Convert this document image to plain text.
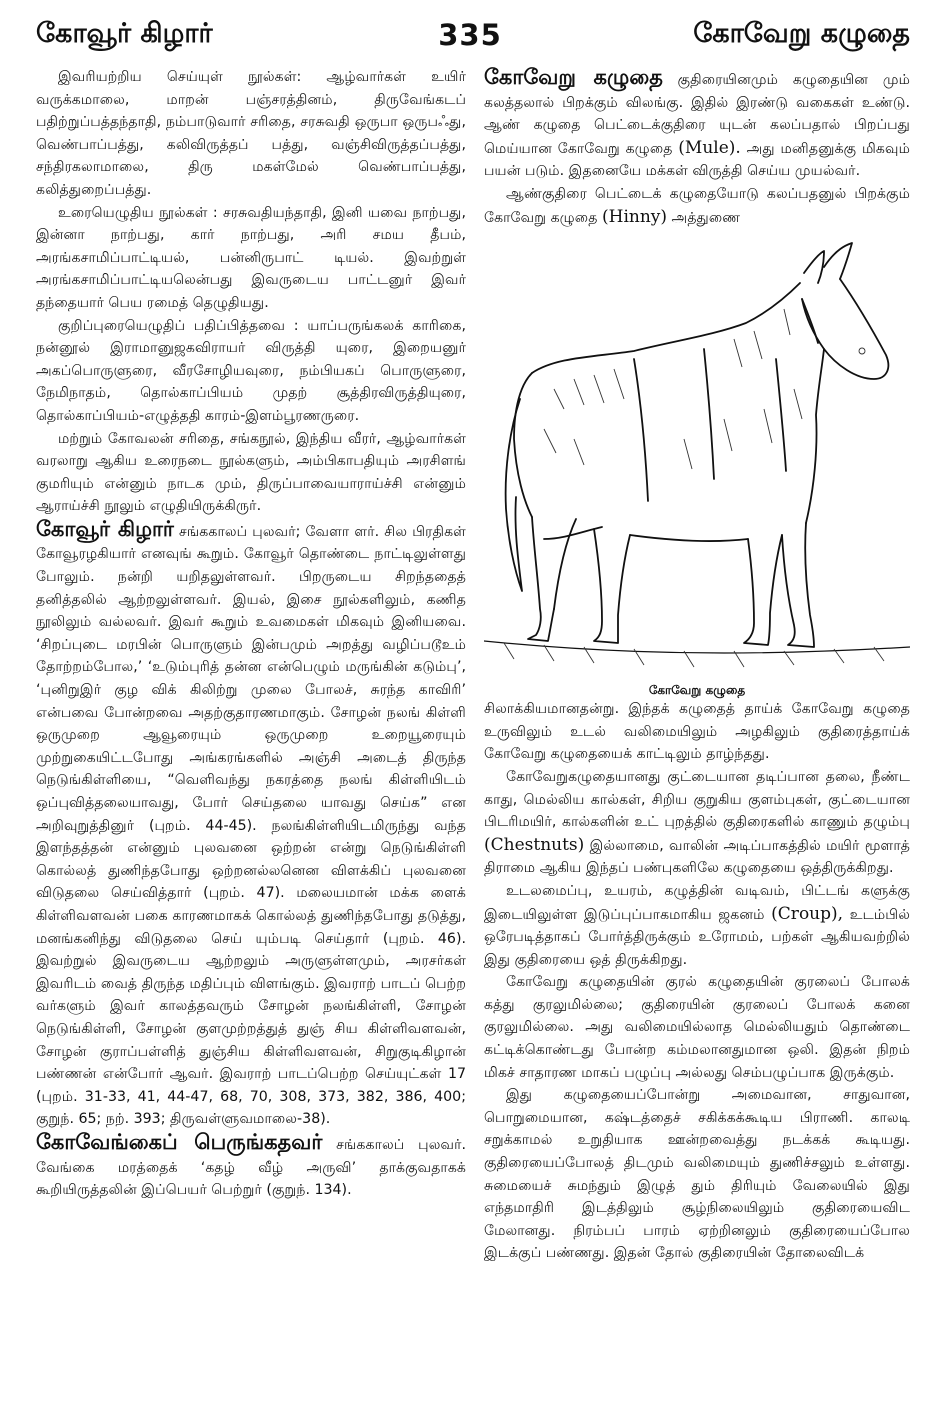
335
கோவூர் கிழார்	கோவேறு கழுதை

இவரியற்றிய செய்யுள் நூல்கள்: ஆழ்வார்கள் உயிர் வருக்கமாலை, மாறன் பஞ்சரத்தினம், திருவேங்கடப் பதிற்றுப்பத்தந்தாதி, நம்பாடுவார் சரிதை, சரசுவதி ஒருபா ஒருபஃது, வெண்பாப்பத்து, கலிவிருத்தப் பத்து, வஞ்சிவிருத்தப்பத்து, சந்திரகலாமாலை, திரு மகள்மேல் வெண்பாப்பத்து, கலித்துறைப்பத்து.

உரையெழுதிய நூல்கள் : சரசுவதியந்தாதி, இனி யவை நாற்பது, இன்னா நாற்பது, கார் நாற்பது, அரி சமய தீபம், அரங்கசாமிப்பாட்டியல், பன்னிருபாட் டியல். இவற்றுள் அரங்கசாமிப்பாட்டியலென்பது இவருடைய பாட்டனுர் இவர் தந்தையார் பெய ரமைத் தெழுதியது.

குறிப்புரையெழுதிப் பதிப்பித்தவை : யாப்பருங்கலக் காரிகை, நன்னூல் இராமானுஜகவிராயர் விருத்தி யுரை, இறையனுர் அகப்பொருளுரை, வீரசோழியவுரை, நம்பியகப் பொருளுரை, நேமிநாதம், தொல்காப்பியம் முதற் சூத்திரவிருத்தியுரை, தொல்காப்பியம்-எழுத்ததி காரம்-இளம்பூரணருரை.

மற்றும் கோவலன் சரிதை, சங்கநூல், இந்திய வீரர், ஆழ்வார்கள் வரலாறு ஆகிய உரைநடை நூல்களும், அம்பிகாபதியும் அரசிளங் குமரியும் என்னும் நாடக மும், திருப்பாவையாராய்ச்சி என்னும் ஆராய்ச்சி நூலும் எழுதியிருக்கிருர்.

கோவூர் கிழார் சங்ககாலப் புலவர்; வேளா ளர். சில பிரதிகள் கோவூரழகியார் எனவுங் கூறும். கோவூர் தொண்டை நாட்டிலுள்ளது போலும். நன்றி யறிதலுள்ளவர். பிறருடைய சிறந்ததைத் தனித்தலில் ஆற்றலுள்ளவர். இயல், இசை நூல்களிலும், கணித நூலிலும் வல்லவர். இவர் கூறும் உவமைகள் மிகவும் இனியவை. ‘சிறப்புடை மரபின் பொருளும் இன்பமும் அறத்து வழிப்படூஉம் தோற்றம்போல,’ ‘உடும்புரித் தன்ன என்பெழும் மருங்கின் கடும்பு’, ‘புனிறுஇர் குழ விக் கிலிற்று முலை போலச், சுரந்த காவிரி’ என்பவை போன்றவை அதற்குதாரணமாகும். சோழன் நலங் கிள்ளி ஒருமுறை ஆவூரையும் ஒருமுறை உறையூரையும் முற்றுகையிட்டபோது அங்கரங்களில் அஞ்சி அடைத் திருந்த நெடுங்கிள்ளியை, “வெளிவந்து நகரத்தை நலங் கிள்ளியிடம் ஒப்புவித்தலையாவது, போர் செய்தலை யாவது செய்க” என அறிவுறுத்தினுர் (புறம். 44-45). நலங்கிள்ளியிடமிருந்து வந்த இளந்தத்தன் என்னும் புலவனை ஒற்றன் என்று நெடுங்கிள்ளி கொல்லத் துணிந்தபோது ஒற்றனல்லனென விளக்கிப் புலவனை விடுதலை செய்வித்தார் (புறம். 47). மலையமான் மக்க ளைக் கிள்ளிவளவன் பகை காரணமாகக் கொல்லத் துணிந்தபோது தடுத்து, மனங்கனிந்து விடுதலை செய் யும்படி செய்தார் (புறம். 46). இவற்றுல் இவருடைய ஆற்றலும் அருளுள்ளமும், அரசர்கள் இவரிடம் வைத் திருந்த மதிப்பும் விளங்கும். இவராற் பாடப் பெற்ற வர்களும் இவர் காலத்தவரும் சோழன் நலங்கிள்ளி, சோழன் நெடுங்கிள்ளி, சோழன் குளமுற்றத்துத் துஞ் சிய கிள்ளிவளவன், சோழன் குராப்பள்ளித் துஞ்சிய கிள்ளிவளவன், சிறுகுடிகிழான் பண்ணன் என்போர் ஆவர். இவராற் பாடப்பெற்ற செய்யுட்கள் 17 (புறம். 31-33, 41, 44-47, 68, 70, 308, 373, 382, 386, 400; குறுந். 65; நற். 393; திருவள்ளுவமாலை-38).

கோவேங்கைப் பெருங்கதவர் சங்ககாலப் புலவர். வேங்கை மரத்தைக் ‘கதழ் வீழ் அருவி’ தாக்குவதாகக் கூறியிருத்தலின் இப்பெயர் பெற்றுர் (குறுந். 134).

கோவேறு கழுதை குதிரையினமும் கழுதையின மும் கலத்தலால் பிறக்கும் விலங்கு. இதில் இரண்டு வகைகள் உண்டு. ஆண் கழுதை பெட்டைக்குதிரை யுடன் கலப்பதால் பிறப்பது மெய்யான கோவேறு கழுதை (Mule). அது மனிதனுக்கு மிகவும் பயன் படும். இதனையே மக்கள் விருத்தி செய்ய முயல்வர்.

ஆண்குதிரை பெட்டைக் கழுதையோடு கலப்பதனுல் பிறக்கும் கோவேறு கழுதை (Hinny) அத்துணை

கோவேறு கழுதை

சிலாக்கியமானதன்று. இந்தக் கழுதைத் தாய்க் கோவேறு கழுதை உருவிலும் உடல் வலிமையிலும் அழகிலும் குதிரைத்தாய்க் கோவேறு கழுதையைக் காட்டிலும் தாழ்ந்தது.

கோவேறுகழுதையானது குட்டையான தடிப்பான தலை, நீண்ட காது, மெல்லிய கால்கள், சிறிய குறுகிய குளம்புகள், குட்டையான பிடரிமயிர், கால்களின் உட் புறத்தில் குதிரைகளில் காணும் தழும்பு (Chestnuts) இல்லாமை, வாலின் அடிப்பாகத்தில் மயிர் மூளாத் திராமை ஆகிய இந்தப் பண்புகளிலே கழுதையை ஒத்திருக்கிறது.

உடலமைப்பு, உயரம், கழுத்தின் வடிவம், பிட்டங் களுக்கு இடையிலுள்ள இடுப்புப்பாகமாகிய ஜகனம் (Croup), உடம்பில் ஒரேபடித்தாகப் போர்த்திருக்கும் உரோமம், பற்கள் ஆகியவற்றில் இது குதிரையை ஒத் திருக்கிறது.

கோவேறு கழுதையின் குரல் கழுதையின் குரலைப் போலக் கத்து குரலுமில்லை; குதிரையின் குரலைப் போலக் கனை குரலுமில்லை. அது வலிமையில்லாத மெல்லியதும் தொண்டை கட்டிக்கொண்டது போன்ற கம்மலானதுமான ஒலி. இதன் நிறம் மிகச் சாதாரண மாகப் பழுப்பு அல்லது செம்பழுப்பாக இருக்கும்.

இது கழுதையைப்போன்று அமைவான, சாதுவான, பொறுமையான, கஷ்டத்தைச் சகிக்கக்கூடிய பிராணி. காலடி சறுக்காமல் உறுதியாக ஊன்றவைத்து நடக்கக் கூடியது. குதிரையைப்போலத் திடமும் வலிமையும் துணிச்சலும் உள்ளது. சுமையைச் சுமந்தும் இழுத் தும் திரியும் வேலையில் இது எந்தமாதிரி இடத்திலும் சூழ்நிலையிலும் குதிரையைவிட மேலானது. நிரம்பப் பாரம் ஏற்றினலும் குதிரையைப்போல இடக்குப் பண்ணது. இதன் தோல் குதிரையின் தோலைவிடக்
